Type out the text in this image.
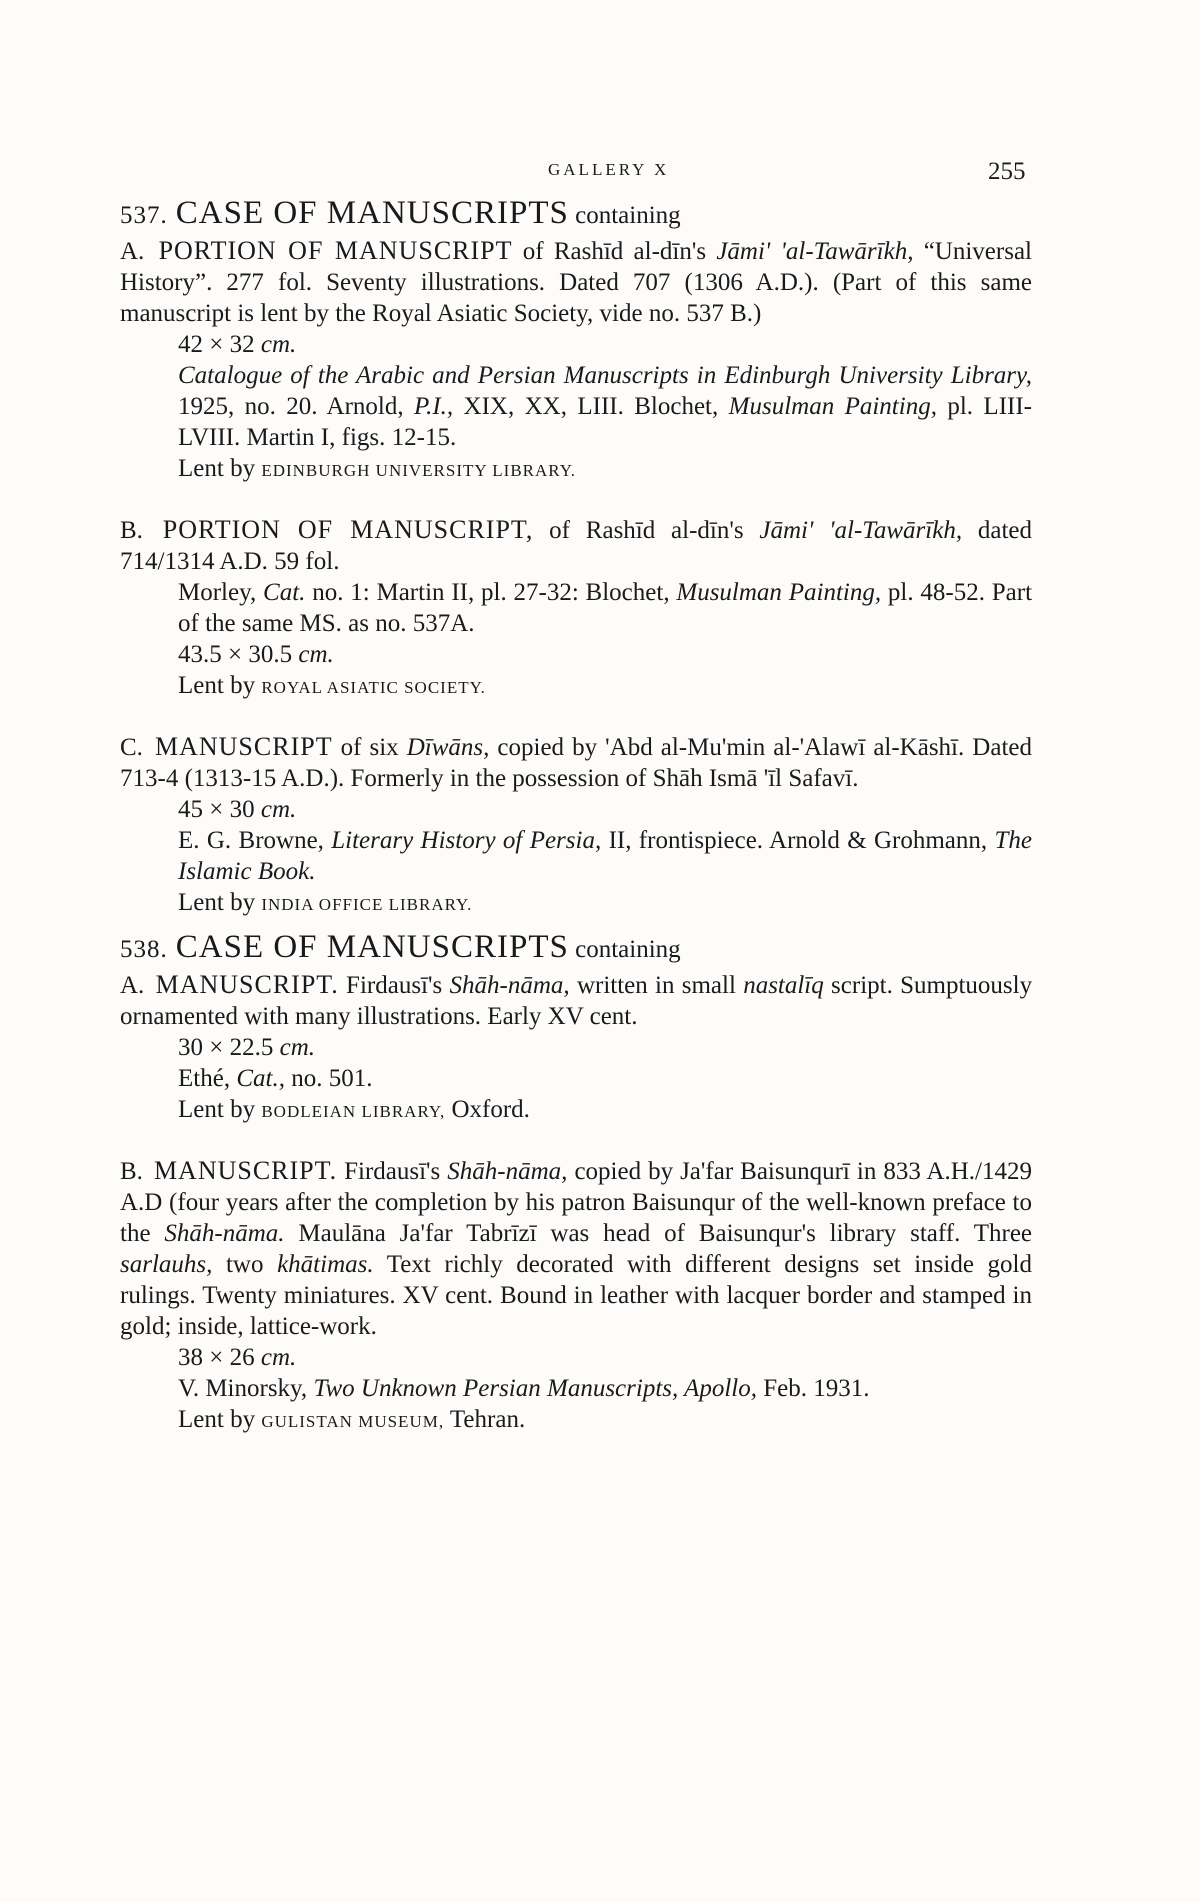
GALLERY X	255
537. CASE OF MANUSCRIPTS containing

A. PORTION OF MANUSCRIPT of Rashīd al-dīn's Jāmi' 'al-Tawārīkh, “Universal History”. 277 fol. Seventy illustrations. Dated 707 (1306 A.D.). (Part of this same manuscript is lent by the Royal Asiatic Society, vide no. 537 B.)

42 × 32 cm.

Catalogue of the Arabic and Persian Manuscripts in Edinburgh University Library, 1925, no. 20. Arnold, P.I., XIX, XX, LIII. Blochet, Musulman Painting, pl. LIII-LVIII. Martin I, figs. 12-15.

Lent by EDINBURGH UNIVERSITY LIBRARY.

B. PORTION OF MANUSCRIPT, of Rashīd al-dīn's Jāmi' 'al-Tawārīkh, dated 714/1314 A.D. 59 fol.

Morley, Cat. no. 1: Martin II, pl. 27-32: Blochet, Musulman Painting, pl. 48-52. Part of the same MS. as no. 537A.

43.5 × 30.5 cm.

Lent by ROYAL ASIATIC SOCIETY.

C. MANUSCRIPT of six Dīwāns, copied by 'Abd al-Mu'min al-'Alawī al-Kāshī. Dated 713-4 (1313-15 A.D.). Formerly in the possession of Shāh Ismā 'īl Safavī.

45 × 30 cm.

E. G. Browne, Literary History of Persia, II, frontispiece. Arnold & Grohmann, The Islamic Book.

Lent by INDIA OFFICE LIBRARY.

538. CASE OF MANUSCRIPTS containing

A. MANUSCRIPT. Firdausī's Shāh-nāma, written in small nastalīq script. Sumptuously ornamented with many illustrations. Early XV cent.

30 × 22.5 cm.

Ethé, Cat., no. 501.

Lent by BODLEIAN LIBRARY, Oxford.

B. MANUSCRIPT. Firdausī's Shāh-nāma, copied by Ja'far Baisunqurī in 833 A.H./1429 A.D (four years after the completion by his patron Baisunqur of the well-known preface to the Shāh-nāma. Maulāna Ja'far Tabrīzī was head of Baisunqur's library staff. Three sarlauhs, two khātimas. Text richly decorated with different designs set inside gold rulings. Twenty miniatures. XV cent. Bound in leather with lacquer border and stamped in gold; inside, lattice-work.

38 × 26 cm.

V. Minorsky, Two Unknown Persian Manuscripts, Apollo, Feb. 1931.

Lent by GULISTAN MUSEUM, Tehran.
